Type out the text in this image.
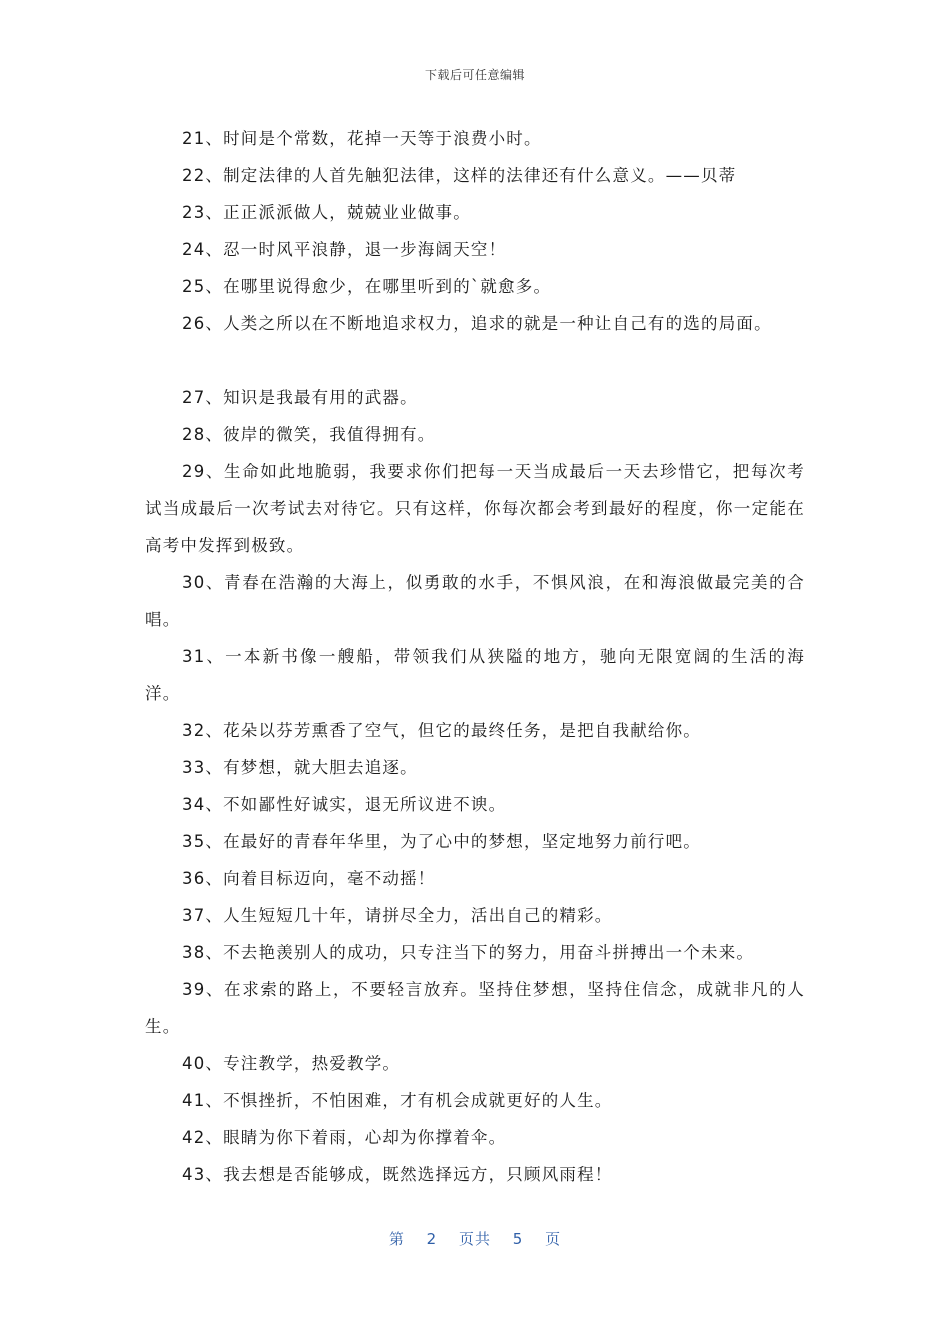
下载后可任意编辑

21、时间是个常数，花掉一天等于浪费小时。

22、制定法律的人首先触犯法律，这样的法律还有什么意义。——贝蒂

23、正正派派做人，兢兢业业做事。

24、忍一时风平浪静，退一步海阔天空！

25、在哪里说得愈少，在哪里听到的`就愈多。

26、人类之所以在不断地追求权力，追求的就是一种让自己有的选的局面。

27、知识是我最有用的武器。

28、彼岸的微笑，我值得拥有。

29、生命如此地脆弱，我要求你们把每一天当成最后一天去珍惜它，把每次考试当成最后一次考试去对待它。只有这样，你每次都会考到最好的程度，你一定能在高考中发挥到极致。

30、青春在浩瀚的大海上，似勇敢的水手，不惧风浪，在和海浪做最完美的合唱。

31、一本新书像一艘船，带领我们从狭隘的地方，驰向无限宽阔的生活的海洋。

32、花朵以芬芳熏香了空气，但它的最终任务，是把自我献给你。

33、有梦想，就大胆去追逐。

34、不如鄙性好诚实，退无所议进不谀。

35、在最好的青春年华里，为了心中的梦想，坚定地努力前行吧。

36、向着目标迈向，毫不动摇！

37、人生短短几十年，请拼尽全力，活出自己的精彩。

38、不去艳羡别人的成功，只专注当下的努力，用奋斗拼搏出一个未来。

39、在求索的路上，不要轻言放弃。坚持住梦想，坚持住信念，成就非凡的人生。

40、专注教学，热爱教学。

41、不惧挫折，不怕困难，才有机会成就更好的人生。

42、眼睛为你下着雨，心却为你撑着伞。

43、我去想是否能够成，既然选择远方，只顾风雨程！

第 2 页共 5 页
